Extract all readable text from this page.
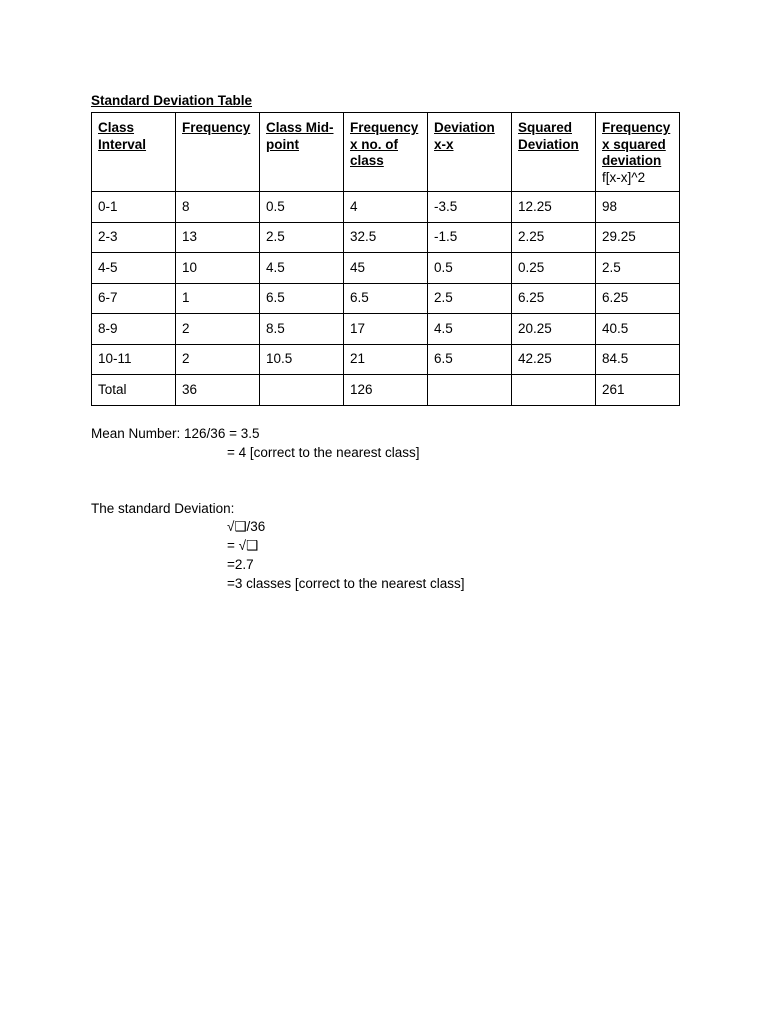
Standard Deviation Table
Class Interval	Frequency	Class Mid-point	Frequency x no. of class	Deviation x-x	Squared Deviation	Frequency x squared deviation
f[x-x]^2
0-1	8	0.5	4	-3.5	12.25	98
2-3	13	2.5	32.5	-1.5	2.25	29.25
4-5	10	4.5	45	0.5	0.25	2.5
6-7	1	6.5	6.5	2.5	6.25	6.25
8-9	2	8.5	17	4.5	20.25	40.5
10-11	2	10.5	21	6.5	42.25	84.5
Total	36		126			261
Mean Number: 126/36 = 3.5
= 4 [correct to the nearest class]
The standard Deviation:
√❑/36
= √❑
=2.7
=3 classes [correct to the nearest class]
